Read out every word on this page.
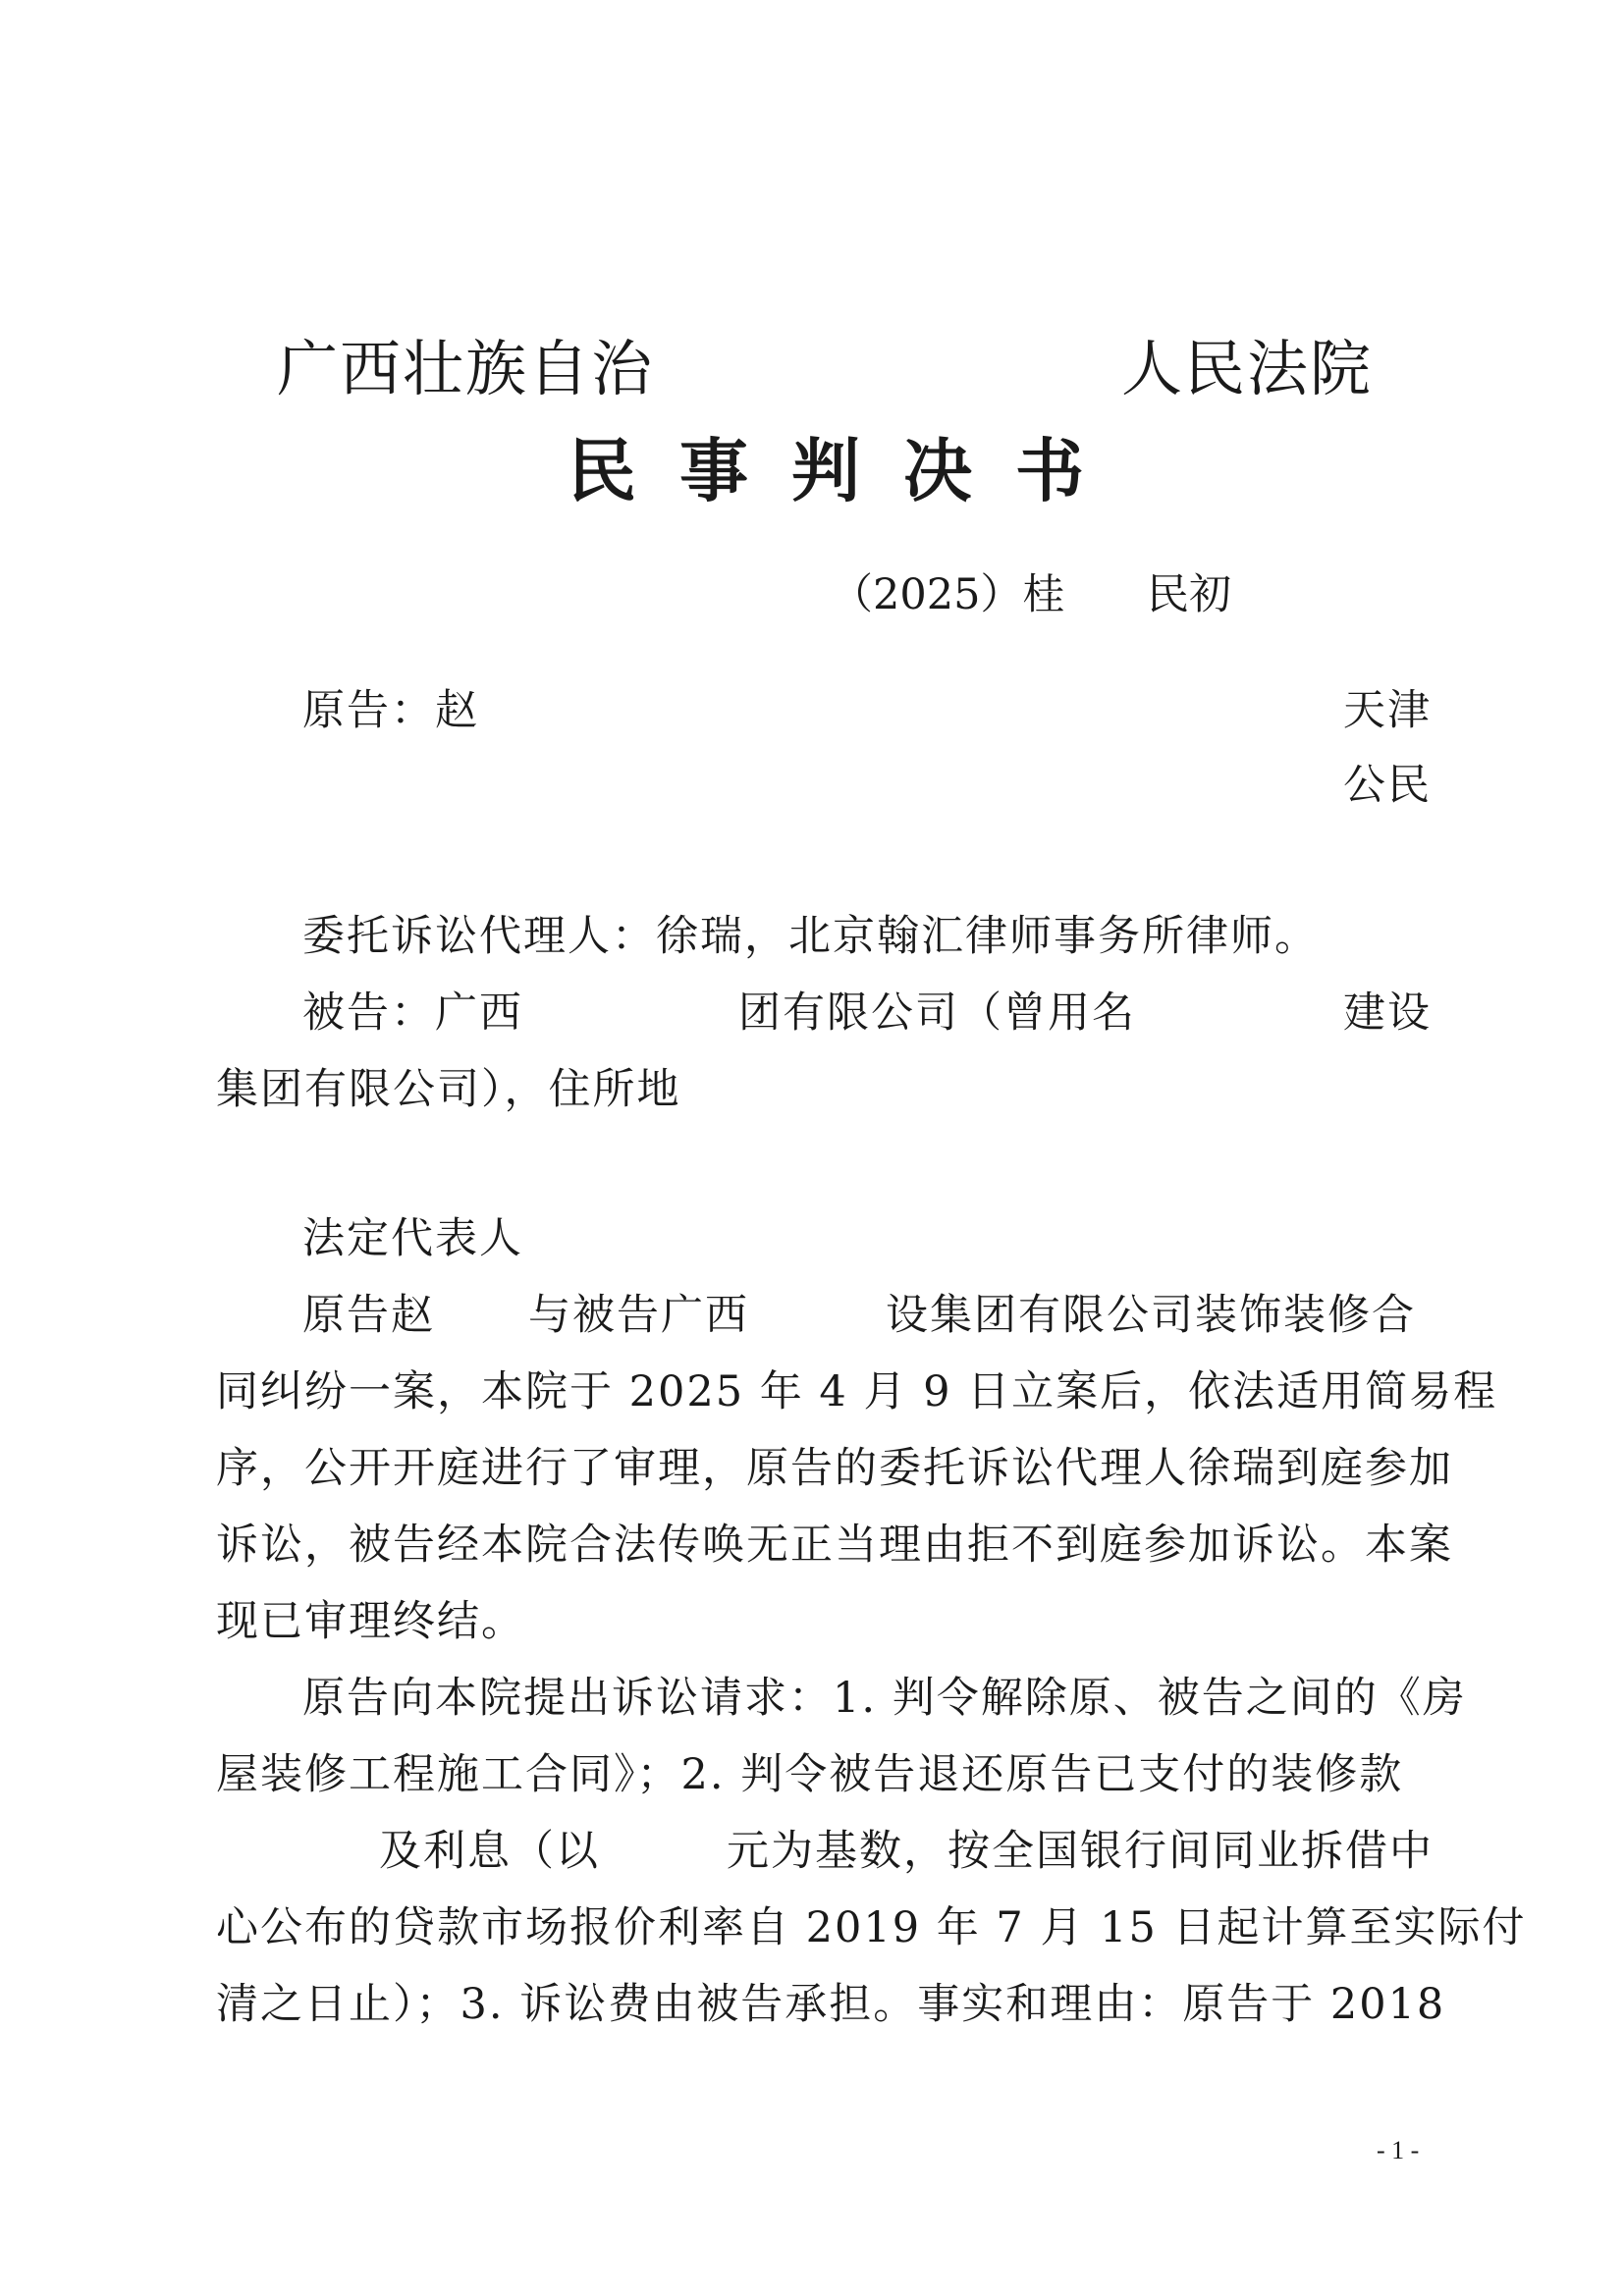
广西壮族自治	人民法院
民事判决书
（2025）桂 民初
原告：赵	天津
公民
委托诉讼代理人：徐瑞，北京翰汇律师事务所律师。
被告：广西	团有限公司（曾用名	建设
集团有限公司），住所地
法定代表人
原告赵 与被告广西	设集团有限公司装饰装修合
同纠纷一案，本院于 2025 年 4 月 9 日立案后，依法适用简易程
序，公开开庭进行了审理，原告的委托诉讼代理人徐瑞到庭参加
诉讼，被告经本院合法传唤无正当理由拒不到庭参加诉讼。本案
现已审理终结。
原告向本院提出诉讼请求：1. 判令解除原、被告之间的《房
屋装修工程施工合同》；2. 判令被告退还原告已支付的装修款
及利息（以	元为基数，按全国银行间同业拆借中
心公布的贷款市场报价利率自 2019 年 7 月 15 日起计算至实际付
清之日止）；3. 诉讼费由被告承担。事实和理由：原告于 2018
- 1 -
